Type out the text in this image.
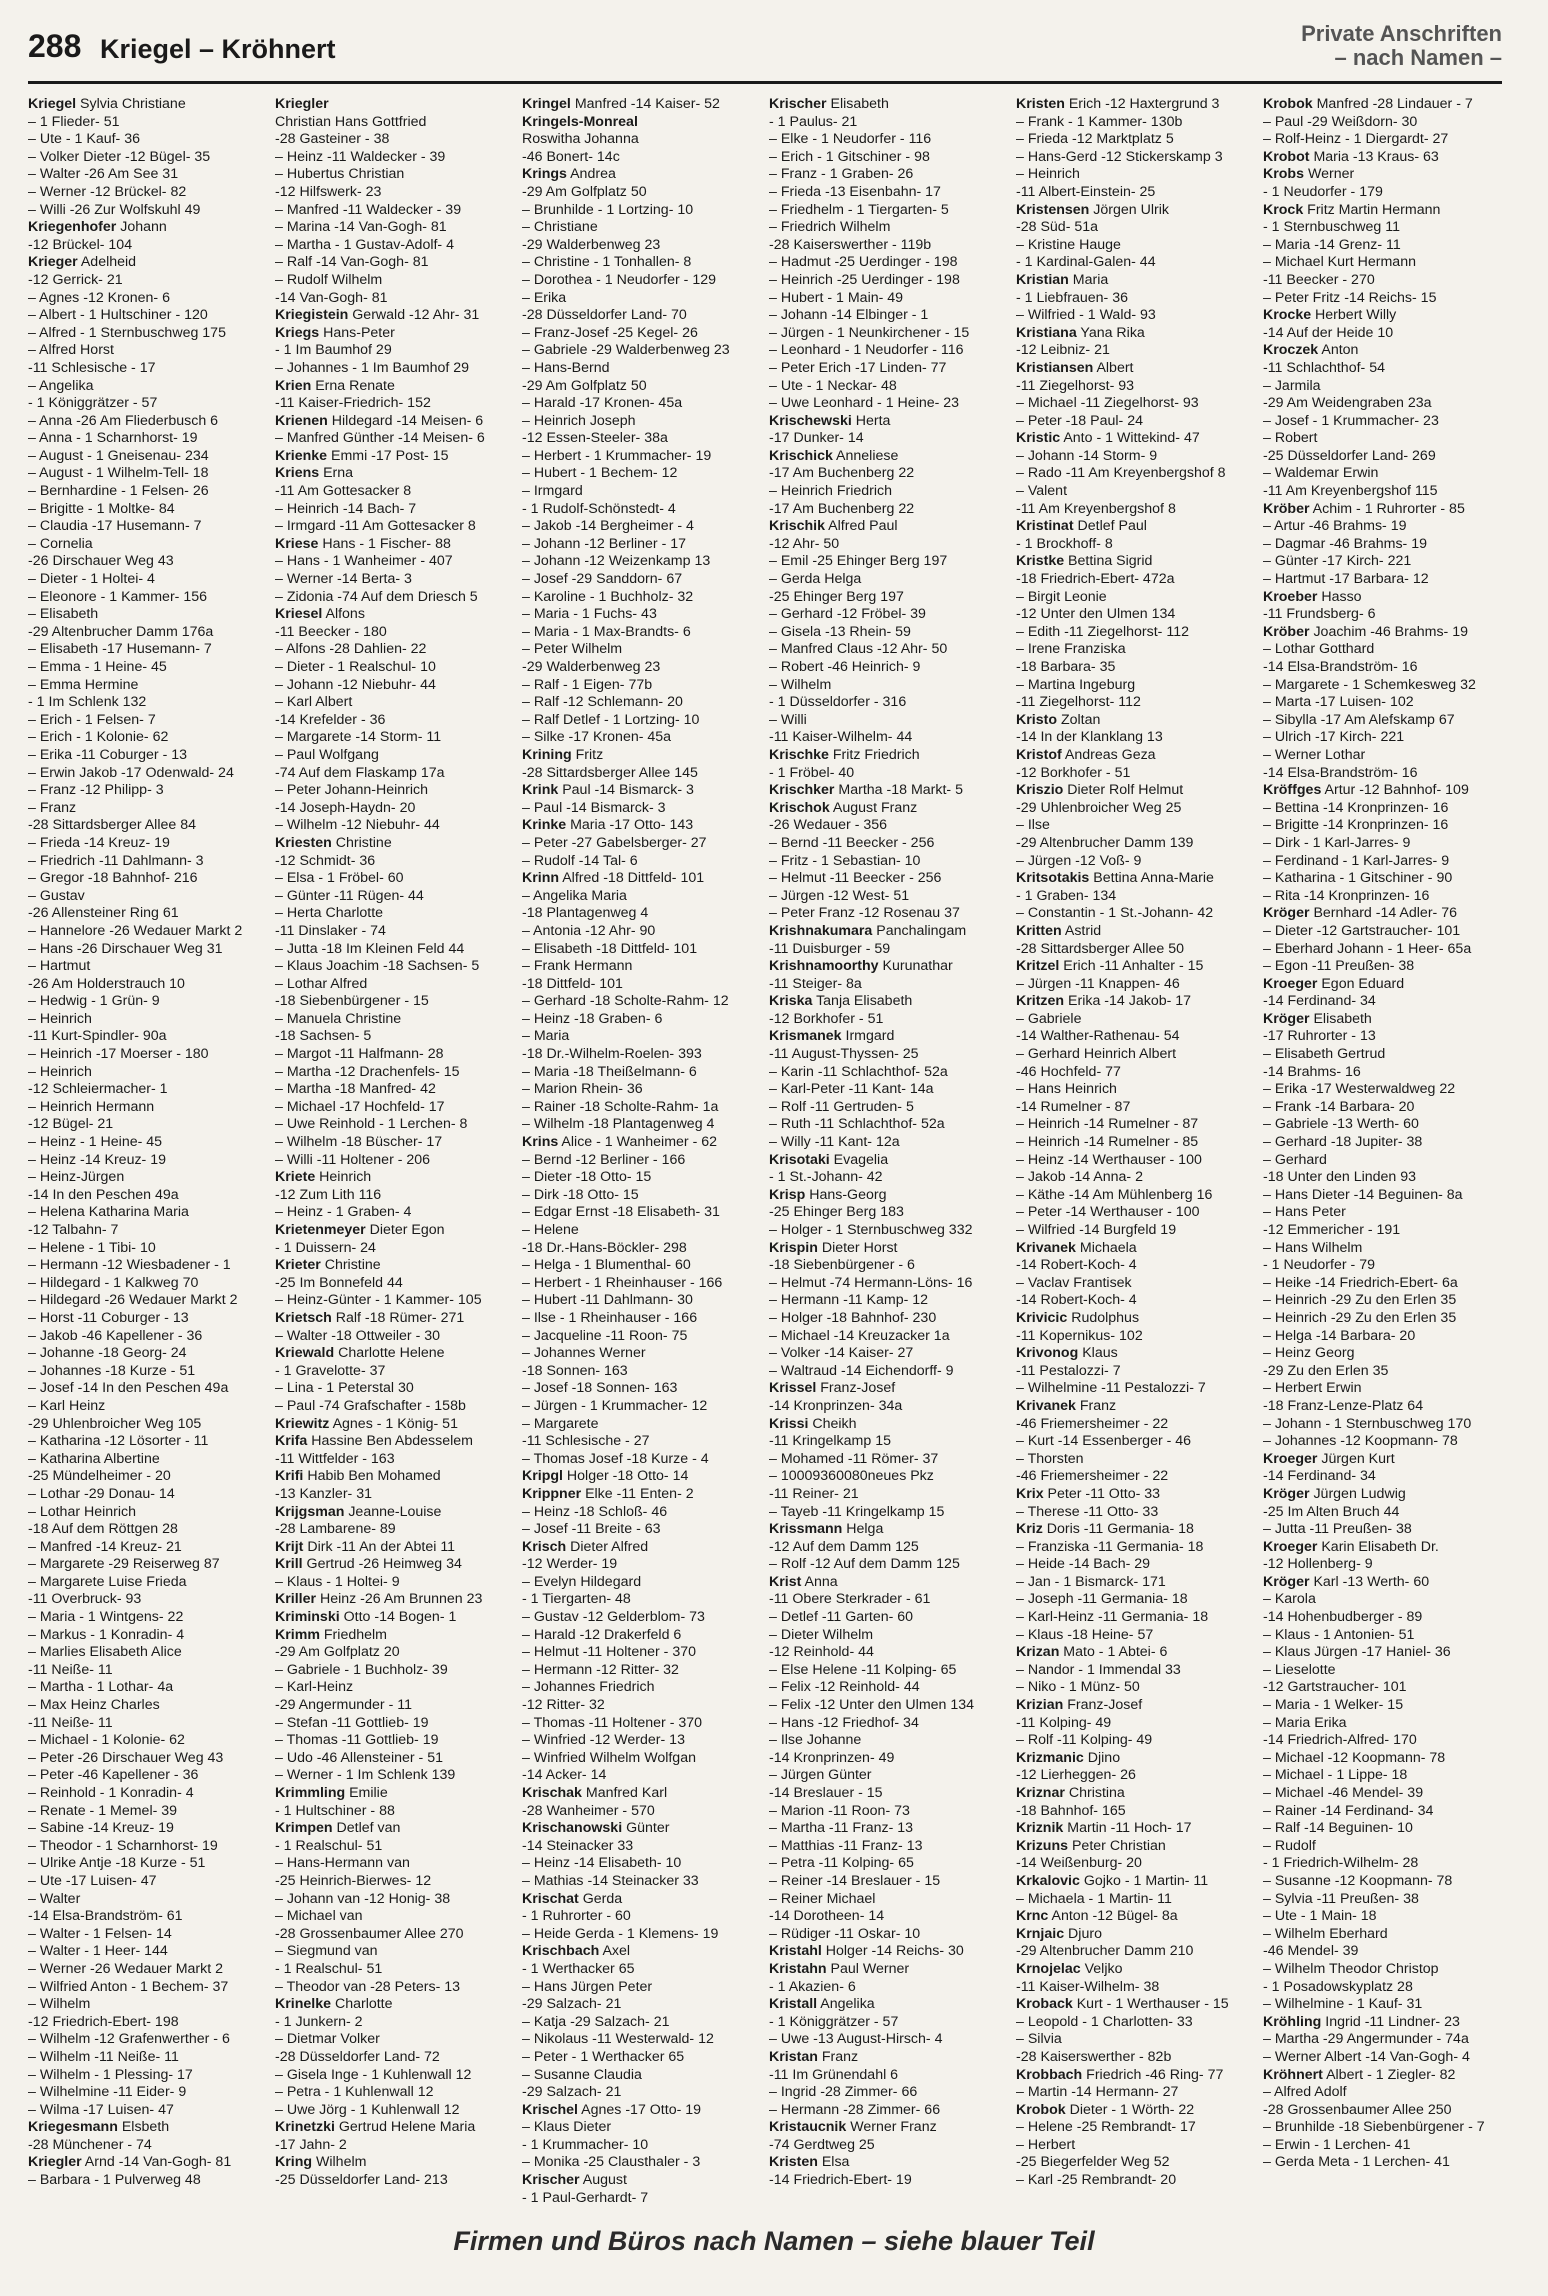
288 Kriegel – Kröhnert
Private Anschriften
– nach Namen –
Kriegel Sylvia Christiane
– 1 Flieder- 51
– Ute - 1 Kauf- 36
– Volker Dieter -12 Bügel- 35
– Walter -26 Am See 31
– Werner -12 Brückel- 82
– Willi -26 Zur Wolfskuhl 49
Kriegenhofer Johann
-12 Brückel- 104
Krieger Adelheid
-12 Gerrick- 21
– Agnes -12 Kronen- 6
– Albert - 1 Hultschiner - 120
– Alfred - 1 Sternbuschweg 175
– Alfred Horst
-11 Schlesische - 17
– Angelika
- 1 Königgrätzer - 57
– Anna -26 Am Fliederbusch 6
– Anna - 1 Scharnhorst- 19
– August - 1 Gneisenau- 234
– August - 1 Wilhelm-Tell- 18
– Bernhardine - 1 Felsen- 26
– Brigitte - 1 Moltke- 84
– Claudia -17 Husemann- 7
– Cornelia
-26 Dirschauer Weg 43
– Dieter - 1 Holtei- 4
– Eleonore - 1 Kammer- 156
– Elisabeth
-29 Altenbrucher Damm 176a
– Elisabeth -17 Husemann- 7
– Emma - 1 Heine- 45
– Emma Hermine
- 1 Im Schlenk 132
– Erich - 1 Felsen- 7
– Erich - 1 Kolonie- 62
– Erika -11 Coburger - 13
– Erwin Jakob -17 Odenwald- 24
– Franz -12 Philipp- 3
– Franz
-28 Sittardsberger Allee 84
– Frieda -14 Kreuz- 19
– Friedrich -11 Dahlmann- 3
– Gregor -18 Bahnhof- 216
– Gustav
-26 Allensteiner Ring 61
– Hannelore -26 Wedauer Markt 2
– Hans -26 Dirschauer Weg 31
– Hartmut
-26 Am Holderstrauch 10
– Hedwig - 1 Grün- 9
– Heinrich
-11 Kurt-Spindler- 90a
– Heinrich -17 Moerser - 180
– Heinrich
-12 Schleiermacher- 1
– Heinrich Hermann
-12 Bügel- 21
– Heinz - 1 Heine- 45
– Heinz -14 Kreuz- 19
– Heinz-Jürgen
-14 In den Peschen 49a
– Helena Katharina Maria
-12 Talbahn- 7
– Helene - 1 Tibi- 10
– Hermann -12 Wiesbadener - 1
– Hildegard - 1 Kalkweg 70
– Hildegard -26 Wedauer Markt 2
– Horst -11 Coburger - 13
– Jakob -46 Kapellener - 36
– Johanne -18 Georg- 24
– Johannes -18 Kurze - 51
– Josef -14 In den Peschen 49a
– Karl Heinz
-29 Uhlenbroicher Weg 105
– Katharina -12 Lösorter - 11
– Katharina Albertine
-25 Mündelheimer - 20
– Lothar -29 Donau- 14
– Lothar Heinrich
-18 Auf dem Röttgen 28
– Manfred -14 Kreuz- 21
– Margarete -29 Reiserweg 87
– Margarete Luise Frieda
-11 Overbruck- 93
– Maria - 1 Wintgens- 22
– Markus - 1 Konradin- 4
– Marlies Elisabeth Alice
-11 Neiße- 11
– Martha - 1 Lothar- 4a
– Max Heinz Charles
-11 Neiße- 11
– Michael - 1 Kolonie- 62
– Peter -26 Dirschauer Weg 43
– Peter -46 Kapellener - 36
– Reinhold - 1 Konradin- 4
– Renate - 1 Memel- 39
– Sabine -14 Kreuz- 19
– Theodor - 1 Scharnhorst- 19
– Ulrike Antje -18 Kurze - 51
– Ute -17 Luisen- 47
– Walter
-14 Elsa-Brandström- 61
– Walter - 1 Felsen- 14
– Walter - 1 Heer- 144
– Werner -26 Wedauer Markt 2
– Wilfried Anton - 1 Bechem- 37
– Wilhelm
-12 Friedrich-Ebert- 198
– Wilhelm -12 Grafenwerther - 6
– Wilhelm -11 Neiße- 11
– Wilhelm - 1 Plessing- 17
– Wilhelmine -11 Eider- 9
– Wilma -17 Luisen- 47
Kriegesmann Elsbeth
-28 Münchener - 74
Kriegler Arnd -14 Van-Gogh- 81
– Barbara - 1 Pulverweg 48
Kriegler
Christian Hans Gottfried
-28 Gasteiner - 38
– Heinz -11 Waldecker - 39
– Hubertus Christian
-12 Hilfswerk- 23
– Manfred -11 Waldecker - 39
– Marina -14 Van-Gogh- 81
– Martha - 1 Gustav-Adolf- 4
– Ralf -14 Van-Gogh- 81
– Rudolf Wilhelm
-14 Van-Gogh- 81
Kriegistein Gerwald -12 Ahr- 31
Kriegs Hans-Peter
- 1 Im Baumhof 29
– Johannes - 1 Im Baumhof 29
Krien Erna Renate
-11 Kaiser-Friedrich- 152
Krienen Hildegard -14 Meisen- 6
– Manfred Günther -14 Meisen- 6
Krienke Emmi -17 Post- 15
Kriens Erna
-11 Am Gottesacker 8
– Heinrich -14 Bach- 7
– Irmgard -11 Am Gottesacker 8
Kriese Hans - 1 Fischer- 88
– Hans - 1 Wanheimer - 407
– Werner -14 Berta- 3
– Zidonia -74 Auf dem Driesch 5
Kriesel Alfons
-11 Beecker - 180
– Alfons -28 Dahlien- 22
– Dieter - 1 Realschul- 10
– Johann -12 Niebuhr- 44
– Karl Albert
-14 Krefelder - 36
– Margarete -14 Storm- 11
– Paul Wolfgang
-74 Auf dem Flaskamp 17a
– Peter Johann-Heinrich
-14 Joseph-Haydn- 20
– Wilhelm -12 Niebuhr- 44
Kriesten Christine
-12 Schmidt- 36
– Elsa - 1 Fröbel- 60
– Günter -11 Rügen- 44
– Herta Charlotte
-11 Dinslaker - 74
– Jutta -18 Im Kleinen Feld 44
– Klaus Joachim -18 Sachsen- 5
– Lothar Alfred
-18 Siebenbürgener - 15
– Manuela Christine
-18 Sachsen- 5
– Margot -11 Halfmann- 28
– Martha -12 Drachenfels- 15
– Martha -18 Manfred- 42
– Michael -17 Hochfeld- 17
– Uwe Reinhold - 1 Lerchen- 8
– Wilhelm -18 Büscher- 17
– Willi -11 Holtener - 206
Kriete Heinrich
-12 Zum Lith 116
– Heinz - 1 Graben- 4
Krietenmeyer Dieter Egon
- 1 Duissern- 24
Krieter Christine
-25 Im Bonnefeld 44
– Heinz-Günter - 1 Kammer- 105
Krietsch Ralf -18 Rümer- 271
– Walter -18 Ottweiler - 30
Kriewald Charlotte Helene
- 1 Gravelotte- 37
– Lina - 1 Peterstal 30
– Paul -74 Grafschafter - 158b
Kriewitz Agnes - 1 König- 51
Krifa Hassine Ben Abdesselem
-11 Wittfelder - 163
Krifi Habib Ben Mohamed
-13 Kanzler- 31
Krijgsman Jeanne-Louise
-28 Lambarene- 89
Krijt Dirk -11 An der Abtei 11
Krill Gertrud -26 Heimweg 34
– Klaus - 1 Holtei- 9
Kriller Heinz -26 Am Brunnen 23
Kriminski Otto -14 Bogen- 1
Krimm Friedhelm
-29 Am Golfplatz 20
– Gabriele - 1 Buchholz- 39
– Karl-Heinz
-29 Angermunder - 11
– Stefan -11 Gottlieb- 19
– Thomas -11 Gottlieb- 19
– Udo -46 Allensteiner - 51
– Werner - 1 Im Schlenk 139
Krimmling Emilie
- 1 Hultschiner - 88
Krimpen Detlef van
- 1 Realschul- 51
– Hans-Hermann van
-25 Heinrich-Bierwes- 12
– Johann van -12 Honig- 38
– Michael van
-28 Grossenbaumer Allee 270
– Siegmund van
- 1 Realschul- 51
– Theodor van -28 Peters- 13
Krinelke Charlotte
- 1 Junkern- 2
– Dietmar Volker
-28 Düsseldorfer Land- 72
– Gisela Inge - 1 Kuhlenwall 12
– Petra - 1 Kuhlenwall 12
– Uwe Jörg - 1 Kuhlenwall 12
Krinetzki Gertrud Helene Maria
-17 Jahn- 2
Kring Wilhelm
-25 Düsseldorfer Land- 213
Kringel Manfred -14 Kaiser- 52
Kringels-Monreal
Roswitha Johanna
-46 Bonert- 14c
Krings Andrea
-29 Am Golfplatz 50
– Brunhilde - 1 Lortzing- 10
– Christiane
-29 Walderbenweg 23
– Christine - 1 Tonhallen- 8
– Dorothea - 1 Neudorfer - 129
– Erika
-28 Düsseldorfer Land- 70
– Franz-Josef -25 Kegel- 26
– Gabriele -29 Walderbenweg 23
– Hans-Bernd
-29 Am Golfplatz 50
– Harald -17 Kronen- 45a
– Heinrich Joseph
-12 Essen-Steeler- 38a
– Herbert - 1 Krummacher- 19
– Hubert - 1 Bechem- 12
– Irmgard
- 1 Rudolf-Schönstedt- 4
– Jakob -14 Bergheimer - 4
– Johann -12 Berliner - 17
– Johann -12 Weizenkamp 13
– Josef -29 Sanddorn- 67
– Karoline - 1 Buchholz- 32
– Maria - 1 Fuchs- 43
– Maria - 1 Max-Brandts- 6
– Peter Wilhelm
-29 Walderbenweg 23
– Ralf - 1 Eigen- 77b
– Ralf -12 Schlemann- 20
– Ralf Detlef - 1 Lortzing- 10
– Silke -17 Kronen- 45a
Krining Fritz
-28 Sittardsberger Allee 145
Krink Paul -14 Bismarck- 3
– Paul -14 Bismarck- 3
Krinke Maria -17 Otto- 143
– Peter -27 Gabelsberger- 27
– Rudolf -14 Tal- 6
Krinn Alfred -18 Dittfeld- 101
– Angelika Maria
-18 Plantagenweg 4
– Antonia -12 Ahr- 90
– Elisabeth -18 Dittfeld- 101
– Frank Hermann
-18 Dittfeld- 101
– Gerhard -18 Scholte-Rahm- 12
– Heinz -18 Graben- 6
– Maria
-18 Dr.-Wilhelm-Roelen- 393
– Maria -18 Theißelmann- 6
– Marion Rhein- 36
– Rainer -18 Scholte-Rahm- 1a
– Wilhelm -18 Plantagenweg 4
Krins Alice - 1 Wanheimer - 62
– Bernd -12 Berliner - 166
– Dieter -18 Otto- 15
– Dirk -18 Otto- 15
– Edgar Ernst -18 Elisabeth- 31
– Helene
-18 Dr.-Hans-Böckler- 298
– Helga - 1 Blumenthal- 60
– Herbert - 1 Rheinhauser - 166
– Hubert -11 Dahlmann- 30
– Ilse - 1 Rheinhauser - 166
– Jacqueline -11 Roon- 75
– Johannes Werner
-18 Sonnen- 163
– Josef -18 Sonnen- 163
– Jürgen - 1 Krummacher- 12
– Margarete
-11 Schlesische - 27
– Thomas Josef -18 Kurze - 4
Kripgl Holger -18 Otto- 14
Krippner Elke -11 Enten- 2
– Heinz -18 Schloß- 46
– Josef -11 Breite - 63
Krisch Dieter Alfred
-12 Werder- 19
– Evelyn Hildegard
- 1 Tiergarten- 48
– Gustav -12 Gelderblom- 73
– Harald -12 Drakerfeld 6
– Helmut -11 Holtener - 370
– Hermann -12 Ritter- 32
– Johannes Friedrich
-12 Ritter- 32
– Thomas -11 Holtener - 370
– Winfried -12 Werder- 13
– Winfried Wilhelm Wolfgan
-14 Acker- 14
Krischak Manfred Karl
-28 Wanheimer - 570
Krischanowski Günter
-14 Steinacker 33
– Heinz -14 Elisabeth- 10
– Mathias -14 Steinacker 33
Krischat Gerda
- 1 Ruhrorter - 60
– Heide Gerda - 1 Klemens- 19
Krischbach Axel
- 1 Werthacker 65
– Hans Jürgen Peter
-29 Salzach- 21
– Katja -29 Salzach- 21
– Nikolaus -11 Westerwald- 12
– Peter - 1 Werthacker 65
– Susanne Claudia
-29 Salzach- 21
Krischel Agnes -17 Otto- 19
– Klaus Dieter
- 1 Krummacher- 10
– Monika -25 Clausthaler - 3
Krischer August
- 1 Paul-Gerhardt- 7
Krischer Elisabeth
- 1 Paulus- 21
– Elke - 1 Neudorfer - 116
– Erich - 1 Gitschiner - 98
– Franz - 1 Graben- 26
– Frieda -13 Eisenbahn- 17
– Friedhelm - 1 Tiergarten- 5
– Friedrich Wilhelm
-28 Kaiserswerther - 119b
– Hadmut -25 Uerdinger - 198
– Heinrich -25 Uerdinger - 198
– Hubert - 1 Main- 49
– Johann -14 Elbinger - 1
– Jürgen - 1 Neunkirchener - 15
– Leonhard - 1 Neudorfer - 116
– Peter Erich -17 Linden- 77
– Ute - 1 Neckar- 48
– Uwe Leonhard - 1 Heine- 23
Krischewski Herta
-17 Dunker- 14
Krischick Anneliese
-17 Am Buchenberg 22
– Heinrich Friedrich
-17 Am Buchenberg 22
Krischik Alfred Paul
-12 Ahr- 50
– Emil -25 Ehinger Berg 197
– Gerda Helga
-25 Ehinger Berg 197
– Gerhard -12 Fröbel- 39
– Gisela -13 Rhein- 59
– Manfred Claus -12 Ahr- 50
– Robert -46 Heinrich- 9
– Wilhelm
- 1 Düsseldorfer - 316
– Willi
-11 Kaiser-Wilhelm- 44
Krischke Fritz Friedrich
- 1 Fröbel- 40
Krischker Martha -18 Markt- 5
Krischok August Franz
-26 Wedauer - 356
– Bernd -11 Beecker - 256
– Fritz - 1 Sebastian- 10
– Helmut -11 Beecker - 256
– Jürgen -12 West- 51
– Peter Franz -12 Rosenau 37
Krishnakumara Panchalingam
-11 Duisburger - 59
Krishnamoorthy Kurunathar
-11 Steiger- 8a
Kriska Tanja Elisabeth
-12 Borkhofer - 51
Krismanek Irmgard
-11 August-Thyssen- 25
– Karin -11 Schlachthof- 52a
– Karl-Peter -11 Kant- 14a
– Rolf -11 Gertruden- 5
– Ruth -11 Schlachthof- 52a
– Willy -11 Kant- 12a
Krisotaki Evagelia
- 1 St.-Johann- 42
Krisp Hans-Georg
-25 Ehinger Berg 183
– Holger - 1 Sternbuschweg 332
Krispin Dieter Horst
-18 Siebenbürgener - 6
– Helmut -74 Hermann-Löns- 16
– Hermann -11 Kamp- 12
– Holger -18 Bahnhof- 230
– Michael -14 Kreuzacker 1a
– Volker -14 Kaiser- 27
– Waltraud -14 Eichendorff- 9
Krissel Franz-Josef
-14 Kronprinzen- 34a
Krissi Cheikh
-11 Kringelkamp 15
– Mohamed -11 Römer- 37
– 10009360080neues Pkz
-11 Reiner- 21
– Tayeb -11 Kringelkamp 15
Krissmann Helga
-12 Auf dem Damm 125
– Rolf -12 Auf dem Damm 125
Krist Anna
-11 Obere Sterkrader - 61
– Detlef -11 Garten- 60
– Dieter Wilhelm
-12 Reinhold- 44
– Else Helene -11 Kolping- 65
– Felix -12 Reinhold- 44
– Felix -12 Unter den Ulmen 134
– Hans -12 Friedhof- 34
– Ilse Johanne
-14 Kronprinzen- 49
– Jürgen Günter
-14 Breslauer - 15
– Marion -11 Roon- 73
– Martha -11 Franz- 13
– Matthias -11 Franz- 13
– Petra -11 Kolping- 65
– Reiner -14 Breslauer - 15
– Reiner Michael
-14 Dorotheen- 14
– Rüdiger -11 Oskar- 10
Kristahl Holger -14 Reichs- 30
Kristahn Paul Werner
- 1 Akazien- 6
Kristall Angelika
- 1 Königgrätzer - 57
– Uwe -13 August-Hirsch- 4
Kristan Franz
-11 Im Grünendahl 6
– Ingrid -28 Zimmer- 66
– Hermann -28 Zimmer- 66
Kristaucnik Werner Franz
-74 Gerdtweg 25
Kristen Elsa
-14 Friedrich-Ebert- 19
Kristen Erich -12 Haxtergrund 3
– Frank - 1 Kammer- 130b
– Frieda -12 Marktplatz 5
– Hans-Gerd -12 Stickerskamp 3
– Heinrich
-11 Albert-Einstein- 25
Kristensen Jörgen Ulrik
-28 Süd- 51a
– Kristine Hauge
- 1 Kardinal-Galen- 44
Kristian Maria
- 1 Liebfrauen- 36
– Wilfried - 1 Wald- 93
Kristiana Yana Rika
-12 Leibniz- 21
Kristiansen Albert
-11 Ziegelhorst- 93
– Michael -11 Ziegelhorst- 93
– Peter -18 Paul- 24
Kristic Anto - 1 Wittekind- 47
– Johann -14 Storm- 9
– Rado -11 Am Kreyenbergshof 8
– Valent
-11 Am Kreyenbergshof 8
Kristinat Detlef Paul
- 1 Brockhoff- 8
Kristke Bettina Sigrid
-18 Friedrich-Ebert- 472a
– Birgit Leonie
-12 Unter den Ulmen 134
– Edith -11 Ziegelhorst- 112
– Irene Franziska
-18 Barbara- 35
– Martina Ingeburg
-11 Ziegelhorst- 112
Kristo Zoltan
-14 In der Klanklang 13
Kristof Andreas Geza
-12 Borkhofer - 51
Kriszio Dieter Rolf Helmut
-29 Uhlenbroicher Weg 25
– Ilse
-29 Altenbrucher Damm 139
– Jürgen -12 Voß- 9
Kritsotakis Bettina Anna-Marie
- 1 Graben- 134
– Constantin - 1 St.-Johann- 42
Kritten Astrid
-28 Sittardsberger Allee 50
Kritzel Erich -11 Anhalter - 15
– Jürgen -11 Knappen- 46
Kritzen Erika -14 Jakob- 17
– Gabriele
-14 Walther-Rathenau- 54
– Gerhard Heinrich Albert
-46 Hochfeld- 77
– Hans Heinrich
-14 Rumelner - 87
– Heinrich -14 Rumelner - 87
– Heinrich -14 Rumelner - 85
– Heinz -14 Werthauser - 100
– Jakob -14 Anna- 2
– Käthe -14 Am Mühlenberg 16
– Peter -14 Werthauser - 100
– Wilfried -14 Burgfeld 19
Krivanek Michaela
-14 Robert-Koch- 4
– Vaclav Frantisek
-14 Robert-Koch- 4
Krivicic Rudolphus
-11 Kopernikus- 102
Krivonog Klaus
-11 Pestalozzi- 7
– Wilhelmine -11 Pestalozzi- 7
Krivanek Franz
-46 Friemersheimer - 22
– Kurt -14 Essenberger - 46
– Thorsten
-46 Friemersheimer - 22
Krix Peter -11 Otto- 33
– Therese -11 Otto- 33
Kriz Doris -11 Germania- 18
– Franziska -11 Germania- 18
– Heide -14 Bach- 29
– Jan - 1 Bismarck- 171
– Joseph -11 Germania- 18
– Karl-Heinz -11 Germania- 18
– Klaus -18 Heine- 57
Krizan Mato - 1 Abtei- 6
– Nandor - 1 Immendal 33
– Niko - 1 Münz- 50
Krizian Franz-Josef
-11 Kolping- 49
– Rolf -11 Kolping- 49
Krizmanic Djino
-12 Lierheggen- 26
Kriznar Christina
-18 Bahnhof- 165
Kriznik Martin -11 Hoch- 17
Krizuns Peter Christian
-14 Weißenburg- 20
Krkalovic Gojko - 1 Martin- 11
– Michaela - 1 Martin- 11
Krnc Anton -12 Bügel- 8a
Krnjaic Djuro
-29 Altenbrucher Damm 210
Krnojelac Veljko
-11 Kaiser-Wilhelm- 38
Kroback Kurt - 1 Werthauser - 15
– Leopold - 1 Charlotten- 33
– Silvia
-28 Kaiserswerther - 82b
Krobbach Friedrich -46 Ring- 77
– Martin -14 Hermann- 27
Krobok Dieter - 1 Wörth- 22
– Helene -25 Rembrandt- 17
– Herbert
-25 Biegerfelder Weg 52
– Karl -25 Rembrandt- 20
Krobok Manfred -28 Lindauer - 7
– Paul -29 Weißdorn- 30
– Rolf-Heinz - 1 Diergardt- 27
Krobot Maria -13 Kraus- 63
Krobs Werner
- 1 Neudorfer - 179
Krock Fritz Martin Hermann
- 1 Sternbuschweg 11
– Maria -14 Grenz- 11
– Michael Kurt Hermann
-11 Beecker - 270
– Peter Fritz -14 Reichs- 15
Krocke Herbert Willy
-14 Auf der Heide 10
Kroczek Anton
-11 Schlachthof- 54
– Jarmila
-29 Am Weidengraben 23a
– Josef - 1 Krummacher- 23
– Robert
-25 Düsseldorfer Land- 269
– Waldemar Erwin
-11 Am Kreyenbergshof 115
Kröber Achim - 1 Ruhrorter - 85
– Artur -46 Brahms- 19
– Dagmar -46 Brahms- 19
– Günter -17 Kirch- 221
– Hartmut -17 Barbara- 12
Kroeber Hasso
-11 Frundsberg- 6
Kröber Joachim -46 Brahms- 19
– Lothar Gotthard
-14 Elsa-Brandström- 16
– Margarete - 1 Schemkesweg 32
– Marta -17 Luisen- 102
– Sibylla -17 Am Alefskamp 67
– Ulrich -17 Kirch- 221
– Werner Lothar
-14 Elsa-Brandström- 16
Kröffges Artur -12 Bahnhof- 109
– Bettina -14 Kronprinzen- 16
– Brigitte -14 Kronprinzen- 16
– Dirk - 1 Karl-Jarres- 9
– Ferdinand - 1 Karl-Jarres- 9
– Katharina - 1 Gitschiner - 90
– Rita -14 Kronprinzen- 16
Kröger Bernhard -14 Adler- 76
– Dieter -12 Gartstraucher- 101
– Eberhard Johann - 1 Heer- 65a
– Egon -11 Preußen- 38
Kroeger Egon Eduard
-14 Ferdinand- 34
Kröger Elisabeth
-17 Ruhrorter - 13
– Elisabeth Gertrud
-14 Brahms- 16
– Erika -17 Westerwaldweg 22
– Frank -14 Barbara- 20
– Gabriele -13 Werth- 60
– Gerhard -18 Jupiter- 38
– Gerhard
-18 Unter den Linden 93
– Hans Dieter -14 Beguinen- 8a
– Hans Peter
-12 Emmericher - 191
– Hans Wilhelm
- 1 Neudorfer - 79
– Heike -14 Friedrich-Ebert- 6a
– Heinrich -29 Zu den Erlen 35
– Heinrich -29 Zu den Erlen 35
– Helga -14 Barbara- 20
– Heinz Georg
-29 Zu den Erlen 35
– Herbert Erwin
-18 Franz-Lenze-Platz 64
– Johann - 1 Sternbuschweg 170
– Johannes -12 Koopmann- 78
Kroeger Jürgen Kurt
-14 Ferdinand- 34
Kröger Jürgen Ludwig
-25 Im Alten Bruch 44
– Jutta -11 Preußen- 38
Kroeger Karin Elisabeth Dr.
-12 Hollenberg- 9
Kröger Karl -13 Werth- 60
– Karola
-14 Hohenbudberger - 89
– Klaus - 1 Antonien- 51
– Klaus Jürgen -17 Haniel- 36
– Lieselotte
-12 Gartstraucher- 101
– Maria - 1 Welker- 15
– Maria Erika
-14 Friedrich-Alfred- 170
– Michael -12 Koopmann- 78
– Michael - 1 Lippe- 18
– Michael -46 Mendel- 39
– Rainer -14 Ferdinand- 34
– Ralf -14 Beguinen- 10
– Rudolf
- 1 Friedrich-Wilhelm- 28
– Susanne -12 Koopmann- 78
– Sylvia -11 Preußen- 38
– Ute - 1 Main- 18
– Wilhelm Eberhard
-46 Mendel- 39
– Wilhelm Theodor Christop
- 1 Posadowskyplatz 28
– Wilhelmine - 1 Kauf- 31
Kröhling Ingrid -11 Lindner- 23
– Martha -29 Angermunder - 74a
– Werner Albert -14 Van-Gogh- 4
Kröhnert Albert - 1 Ziegler- 82
– Alfred Adolf
-28 Grossenbaumer Allee 250
– Brunhilde -18 Siebenbürgener - 7
– Erwin - 1 Lerchen- 41
– Gerda Meta - 1 Lerchen- 41
Firmen und Büros nach Namen – siehe blauer Teil
